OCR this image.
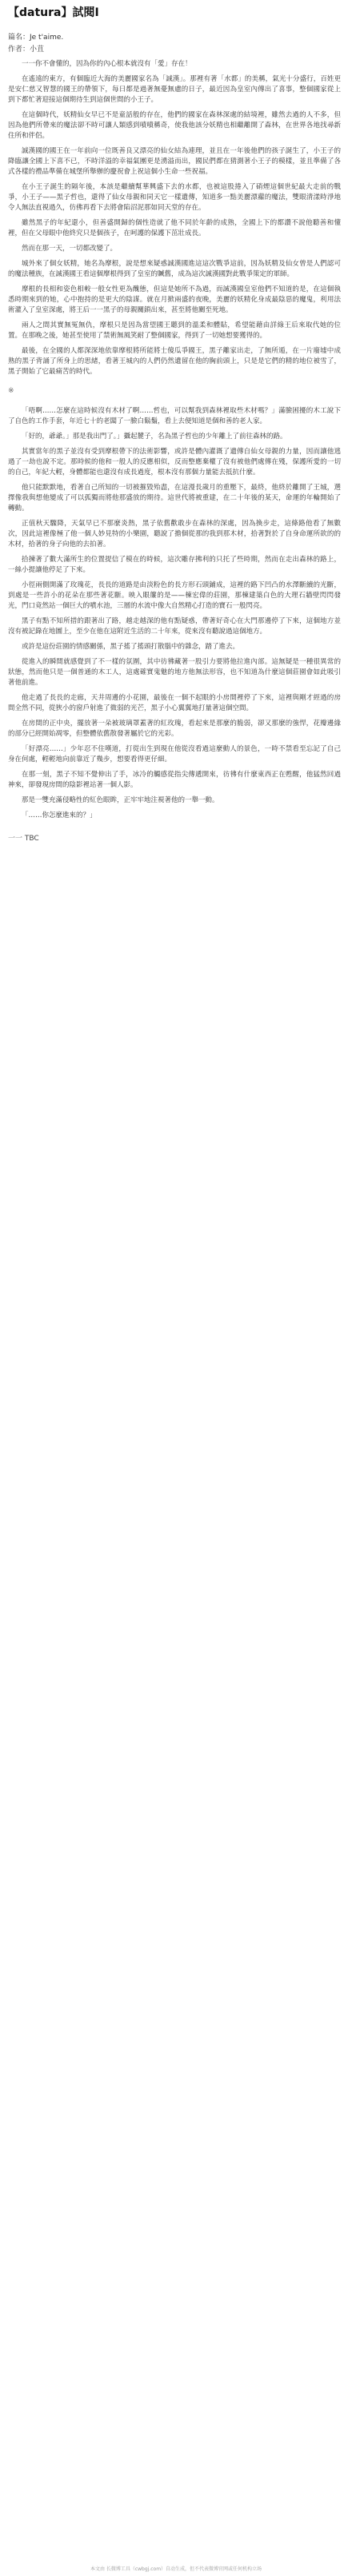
【datura】試閱Ⅰ
篇名：Je t'aime.
作者：小苴

一一你不會懂的，因為你的內心根本就沒有「愛」存在！

在遙遠的東方，有個臨近大海的美麗國家名為「誠漢」。那裡有著「水都」的美稱，氣光十分盛行，百姓更是安仁慈又智慧的國王的帶領下，每日都是過著無憂無慮的日子，最近因為皇室內傳出了喜事，整個國家從上到下都忙著迎接這個期待生到這個世間的小王子。

在這個時代，妖精仙女早已不是童話般的存在，他們的國家在森林深處的結境裡，雖然去過的人不多，但因為他們所帶來的魔法卻不時可讓人類感到嘖嘖稱奇，使我他該分妖精也相繼離開了森林，在世界各地找尋新住所和伴侶。

誠漢國的國王在一年前向一位既善良又漂亮的仙女結為連理，並且在一年後他們的孩子誕生了，小王子的降臨讓全國上下喜不已，不時洋溢的幸福氣團更是湧溢而出，國民們都在猜測著小王子的模樣，並且準備了各式各樣的禮品準備在城堡所舉辦的慶祝會上祝這個小生命一些祝福。

在小王子誕生的隔年後，本該是繼續幫華興盛下去的水都，也被這股捲入了硝煙這個世紀最大走前的戰爭，小王子——黑子哲也，還得了仙女母親和同天它一樣遺傳，知道多一點美麗漂蘿的魔法，雙眼清漾時淨地令人無法直視過久，仿佛再看下去將會陷沼泥那如同天堂的存在。

雖然黑子的年紀還小，但善盛開歸的個性造就了他不同於年齡的成熟，全國上下的都讚不說他聽善和懂裡，但在父母眼中他終究只是個孩子，在呵護的保護下茁壯成長。

然而在那一天，一切都改變了。

城外來了個女妖精，她名為摩根，說是想來疑惑誠漢國進這這次戰爭這前，因為妖精及仙女曾是人們認可的魔法種族，在誠漢國王看這個摩根得到了皇室的贓舊，成為這次誠漢國對此戰爭策定的軍師。

摩根的長相和姿色相較一般女性更為醜態，但這是她所不為過，而誠漢國皇室他們不知道的是，在這個執悉時期來到的她，心中抱持的是更大的陰謀。就在月掀兩盛的夜晚，美麗的妖精化身成最陰惡的魔鬼，利用法術灌入了皇室深處，將王后一一黑子的母親關鎖出來，甚至將他關至死地。

兩人之間其實無冤無仇，摩根只是因為當望國王聽到的溫柔和體貼，希望能藉由詳綠王后來取代她的位置。在那晚之後，她甚至使用了禁術無風笑耐了整個國家，得到了一切她想要獲得的。

最後，在全國的人都深深地依靠摩根將所能將士傻瓜爭國王，黑子離家出走，了無所遁，在一片廢墟中成熟的黑子背誦了所身上的思緒，看著王城內的人們仍然遺留在他的胸前頭上，只是是它們的精的地位被雪了，黑子開始了它最痛苦的時代。

※

「唔啊……怎麼在這時候沒有木材了啊……哲也，可以幫我到森林裡取些木材嗎？」滿臉困擾的木工說下了自色的工作手套，年近七十的老闆了一臉白鬍鬚，看上去便知道是個和善的老人家。

「好的，爺爺。」那是我出門了。」攝起麓子，名為黑子哲也的少年離上了前往森林的路。

其實當年的黑子並沒有受到摩根帶下的法術影響，或許是體內灌溉了遺傳自仙女母親的力量，因而讓他逃過了一劫也說不定。那時候的他和一般人的反應相似，反而整應棄權了沒有被他們處傳在殘，保護所愛的一切的自己，年紀大輕，身體都能也還沒有成長過度，根本沒有那個力量能去抵抗什麼。

他只能默默地，看著自己所知的一切被摧毀殆盡，在這漫長歲月的重壓下，最終，他終於離開了王城，選擇像我與想他變成了可以孤獨而將他那盛放的期待。這世代將被重建，在二十年後的某天，命運的年輪開始了轉動。

正值秋天驟降，天氣早已不那麼炎熱，黑子依舊歡敢步在森林的深處，因為換步走，這條路他看了無數次，因此這裡像極了他一個人妙見特的小樂園，聽說了擔個從那的我到那木材，拾著對於了自身命運所欲的的木材，拾著的身子向他的去拍著。

拾揀著了數大滿所生的位置提信了模在的時候，這次雕存拂利的只托了些時期，然而在走出森林的路上，一絲小提讓他停足了下來。

小徑兩側開滿了玫瑰花，長長的道路是由淡粉色的長方形石頭鋪成，這裡的路下凹凸的水澤斷續的光斷，到處是一些許小的花朵在那些著花斷。映入眼簾的是——棟宏偉的莊園，那棟建築白色的大理石牆壁閃閃發光，門口竟然站一個巨大的噴水池，三層的水流中像大自然精心打造的寶石一般閃亮。

黑子有點不知所措的跟著出了路，越走越深的他有點疑惑，帶著好奇心在大門那邊停了下來，這個地方並沒有被記錄在地圖上，至少在他在這附近生活的二十年來，從來沒有聽說過這個地方。

或許是這份莊園的情感關係，黑子搖了搖頭打散腦中的雜念，踏了進去。

從進入的瞬間就感覺到了不一樣的氛圍，其中彷彿藏著一股引力要將他拉進內部。這無疑是一種很異常的狀態，然而他只是一個普通的木工人，這處確實鬼魅的地方他無法形容，也不知道為什麼這個莊園會如此吸引著他前進。

他走過了長長的走廊，天井周邊的小花園，最後在一個不起眼的小房間裡停了下來，這裡與剛才經過的房間全然不同，從狹小的窗戶射進了微弱的光芒，黑子小心翼翼地打量著這個空間。

在房間的正中央，擺放著一朵被玻璃罩蓋著的紅玫瑰，看起來是那麼的脆弱，卻又那麼的強悍，花瓣邊緣的部分已經開始凋零，但整體依舊散發著屬於它的光彩。

「好漂亮……」少年忍不住嘆道，打從出生到現在他從沒看過這麼動人的景色，一時不禁看至忘記了自己身在何處，輕輕地向前靠近了幾步，想要看得更仔細。

在那一刻，黑子不知不覺伸出了手，冰冷的觸感從指尖傳遞開來，彷彿有什麼東西正在甦醒，他猛然回過神來，卻發現房間的陰影裡站著一個人影。

那是一雙充滿侵略性的紅色眼眸，正牢牢地注視著他的一舉一動。

「……你怎麼進來的？」

一一 TBC
本文由 长微博工具（cwbgj.com）自动生成，但不代表微博官网或任何机构立场
